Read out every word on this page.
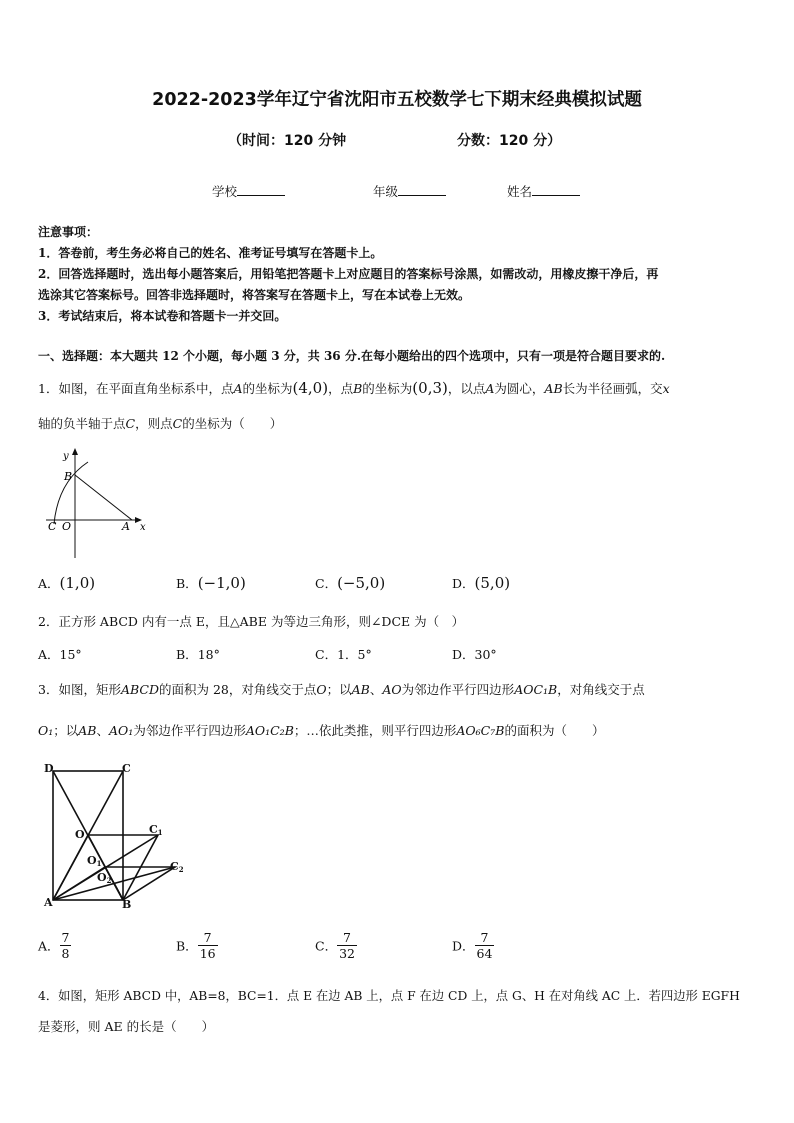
2022-2023学年辽宁省沈阳市五校数学七下期末经典模拟试题
（时间：120 分钟	分数：120 分）
学校	年级	姓名
注意事项：
1．答卷前，考生务必将自己的姓名、准考证号填写在答题卡上。
2．回答选择题时，选出每小题答案后，用铅笔把答题卡上对应题目的答案标号涂黑，如需改动，用橡皮擦干净后，再
选涂其它答案标号。回答非选择题时，将答案写在答题卡上，写在本试卷上无效。
3．考试结束后，将本试卷和答题卡一并交回。
一、选择题：本大题共 12 个小题，每小题 3 分，共 36 分.在每小题给出的四个选项中，只有一项是符合题目要求的.
1．如图，在平面直角坐标系中，点A的坐标为(4,0)，点B的坐标为(0,3)，以点A为圆心，AB长为半径画弧，交x
轴的负半轴于点C，则点C的坐标为（　　）
y
B
C O	A x
A．(1,0)	B．(−1,0)	C．(−5,0)	D．(5,0)
2．正方形 ABCD 内有一点 E，且△ABE 为等边三角形，则∠DCE 为（　）
A．15°	B．18°	C．1．5°	D．30°
3．如图，矩形ABCD的面积为 28，对角线交于点O；以AB、AO为邻边作平行四边形AOC₁B，对角线交于点
O₁；以AB、AO₁为邻边作平行四边形AO₁C₂B；…依此类推，则平行四边形AO₆C₇B的面积为（　　）
D	C
O	C1
O1
O2
C2
A	B
A． $\frac{7}{8}$	B． $\frac{7}{16}$	C． $\frac{7}{32}$	D． $\frac{7}{64}$
4．如图，矩形 ABCD 中，AB=8，BC=1．点 E 在边 AB 上，点 F 在边 CD 上，点 G、H 在对角线 AC 上．若四边形 EGFH
是菱形，则 AE 的长是（　　）
